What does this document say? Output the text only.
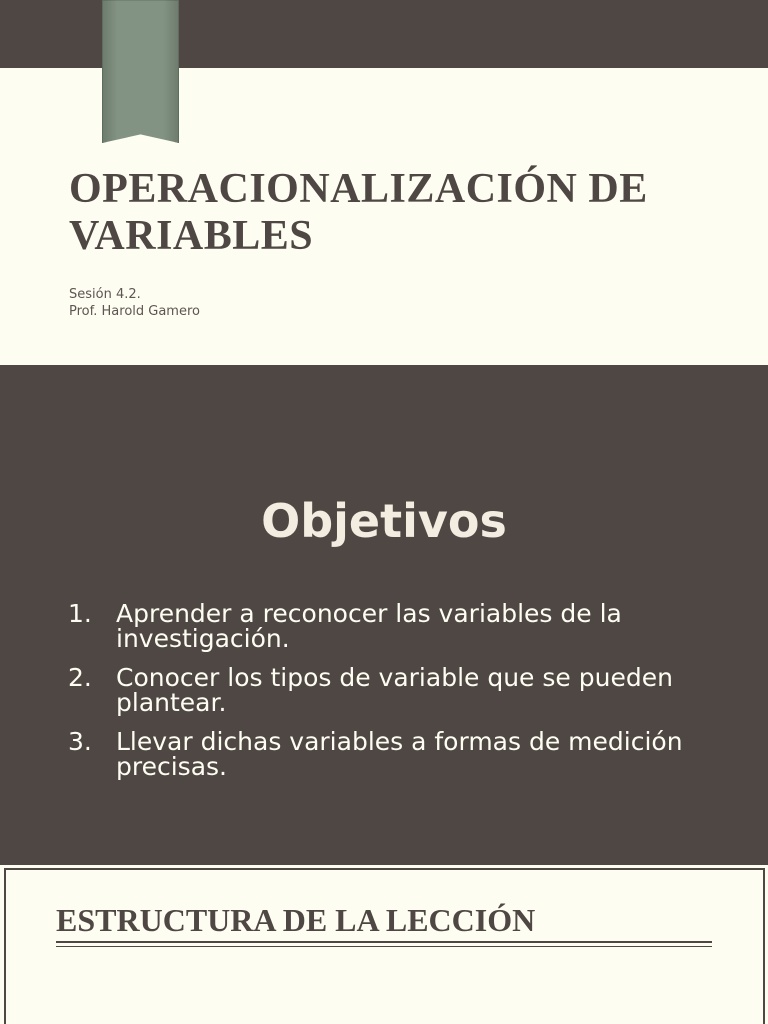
OPERACIONALIZACIÓN DE VARIABLES
Sesión 4.2.
Prof. Harold Gamero
Objetivos
1. Aprender a reconocer las variables de la investigación.
2. Conocer los tipos de variable que se pueden plantear.
3. Llevar dichas variables a formas de medición precisas.
ESTRUCTURA DE LA LECCIÓN
